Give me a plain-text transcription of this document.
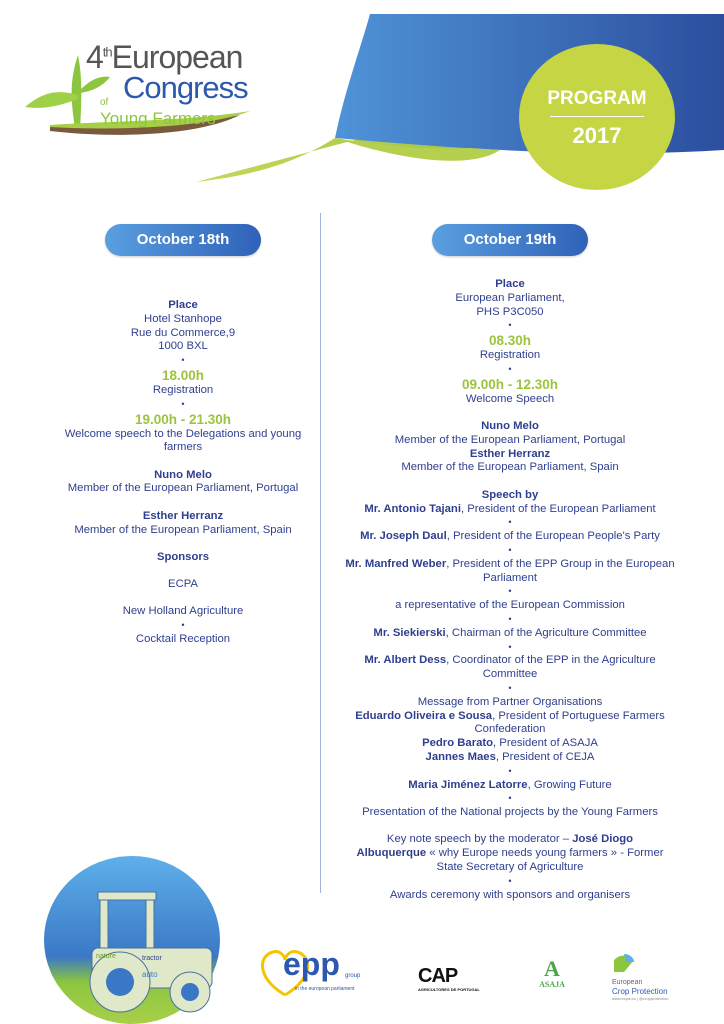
4thEuropean
Congress
of
Young Farmers
PROGRAM
2017
October 18th	October 19th
Place
Hotel Stanhope
Rue du Commerce,9
1000 BXL
•
18.00h
Registration
•
19.00h - 21.30h
Welcome speech to the Delegations and young
farmers
Nuno Melo
Member of the European Parliament, Portugal
Esther Herranz
Member of the European Parliament, Spain
Sponsors
ECPA
New Holland Agriculture
•
Cocktail Reception
Place
European Parliament,
PHS P3C050
•
08.30h
Registration
•
09.00h - 12.30h
Welcome Speech
Nuno Melo
Member of the European Parliament, Portugal
Esther Herranz
Member of the European Parliament, Spain
Speech by
Mr. Antonio Tajani, President of the European Parliament
•
Mr. Joseph Daul, President of the European People's Party
•
Mr. Manfred Weber, President of the EPP Group in the European
Parliament
•
a representative of the European Commission
•
Mr. Siekierski, Chairman of the Agriculture Committee
•
Mr. Albert Dess, Coordinator of the EPP in the Agriculture
Committee
•
Message from Partner Organisations
Eduardo Oliveira e Sousa, President of Portuguese Farmers
Confederation
Pedro Barato, President of ASAJA
Jannes Maes, President of CEJA
•
Maria Jiménez Latorre, Growing Future
•
Presentation of the National projects by the Young Farmers
Key note speech by the moderator – José Diogo
Albuquerque « why Europe needs young farmers » - Former
State Secretary of Agriculture
•
Awards ceremony with sponsors and organisers
nature	tractor
auto	epp group
in the european parliament
CAP
AGRICULTORES DE PORTUGAL
A
ASAJA	European
Crop Protection
www.ecpa.eu | @cropprotection
